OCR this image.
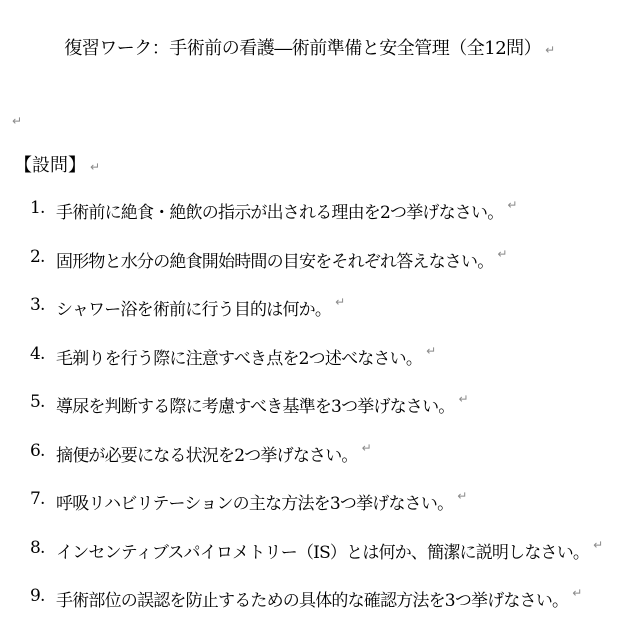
復習ワーク：手術前の看護―術前準備と安全管理（全12問） ↵
↵
【設問】 ↵
1. 手術前に絶食・絶飲の指示が出される理由を2つ挙げなさい。 ↵
2. 固形物と水分の絶食開始時間の目安をそれぞれ答えなさい。 ↵
3. シャワー浴を術前に行う目的は何か。 ↵
4. 毛剃りを行う際に注意すべき点を2つ述べなさい。 ↵
5. 導尿を判断する際に考慮すべき基準を3つ挙げなさい。 ↵
6. 摘便が必要になる状況を2つ挙げなさい。 ↵
7. 呼吸リハビリテーションの主な方法を3つ挙げなさい。 ↵
8. インセンティブスパイロメトリー（IS）とは何か、簡潔に説明しなさい。 ↵
9. 手術部位の誤認を防止するための具体的な確認方法を3つ挙げなさい。 ↵
